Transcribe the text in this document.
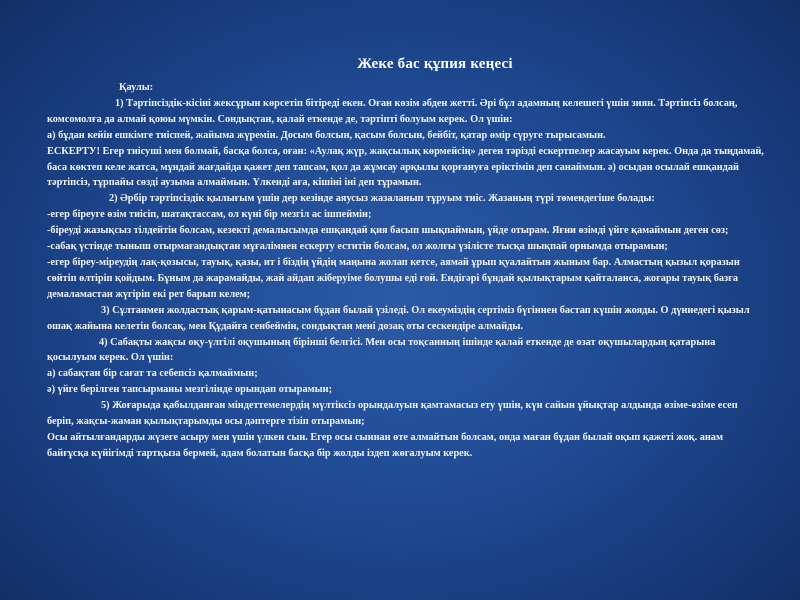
Жеке бас құпия кеңесі

Қаулы:

1) Тәртіпсіздік-кісіні жексұрын көрсетіп бітіреді екен. Оған көзім әбден жетті. Әрі бұл адамның келешегі үшін зиян. Тәртіпсіз болсаң, комсомолға да алмай қоюы мүмкін. Сондықтан, қалай еткенде де, тәртіпті болуым керек. Ол үшін:

а) бұдан кейін ешкімге тиіспей, жайыма жүремін. Досым болсын, қасым болсын, бейбіт, қатар өмір сүруге тырысамын.

ЕСКЕРТУ! Егер тиісуші мен болмай, басқа болса, оған: «Аулақ жүр, жақсылық көрмейсің» деген тәрізді ескертпелер жасауым керек. Онда да тыңдамай, баса көктеп келе жатса, мұндай жағдайда қажет деп тапсам, қол да жұмсау арқылы қорғануға еріктімін деп санаймын. ә) осыдан осылай ешқандай тәртіпсіз, тұрпайы сөзді аузыма алмаймын. Үлкенді аға, кішіні іні деп тұрамын.

2) Әрбір тәртіпсіздік қылығым үшін дер кезінде аяусыз жазаланып тұруым тиіс. Жазаның түрі төмендегіше болады:

-егер біреуге өзім тиісіп, шатақтассам, ол күні бір мезгіл ас ішпеймін;

-біреуді жазықсыз тілдейтін болсам, кезекті демалысымда ешқандай қия басып шықпаймын, үйде отырам. Яғни өзімді үйге қамаймын деген сөз;

-сабақ үстінде тыныш отырмағандықтан мұғалімнен ескерту еститін болсам, ол жолғы үзілісте тысқа шықпай орнымда отырамын;

-егер біреу-міреудің лақ-қозысы, тауық, қазы, ит і біздің үйдің маңына жолап кетсе, аямай ұрып қуалайтын жыным бар. Алмастың қызыл қоразын сөйтіп өлтіріп қойдым. Бұным да жарамайды, жай айдап жіберуіме болушы еді ғой. Ендігәрі бұндай қылықтарым қайталанса, жоғары тауық базға демаламастан жүгіріп екі рет барып келем;

3) Сұлтанмен жолдастық қарым-қатынасым бұдан былай үзіледі. Ол екеуміздің сертіміз бүгіннен бастап күшін жояды. О дүниедегі қызыл ошақ жайына келетін болсақ, мен Құдайға сенбеймін, сондықтан мені дозақ оты сескендіре алмайды.

4) Сабақты жақсы оқу-үлгілі оқушының бірінші белгісі. Мен осы тоқсанның ішінде қалай еткенде де озат оқушылардың қатарына қосылуым керек. Ол үшін:

а) сабақтан бір сағат та себепсіз қалмаймын;

ә) үйге берілген тапсырманы мезгілінде орындап отырамын;

5) Жоғарыда қабылданған міндеттемелердің мүлтіксіз орындалуын қамтамасыз ету үшін, күн сайын ұйықтар алдында өзімe-өзіме есеп беріп, жақсы-жаман қылықтарымды осы дәптерге тізіп отырамын;

Осы айтылғандарды жүзеге асыру мен үшін үлкен сын. Егер осы сыннан өте алмайтын болсам, онда маған бұдан былай оқып қажеті жоқ. анам байғұсқа күйігімді тартқыза бермей, адам болатын басқа бір жолды іздеп жөгалуым керек.
